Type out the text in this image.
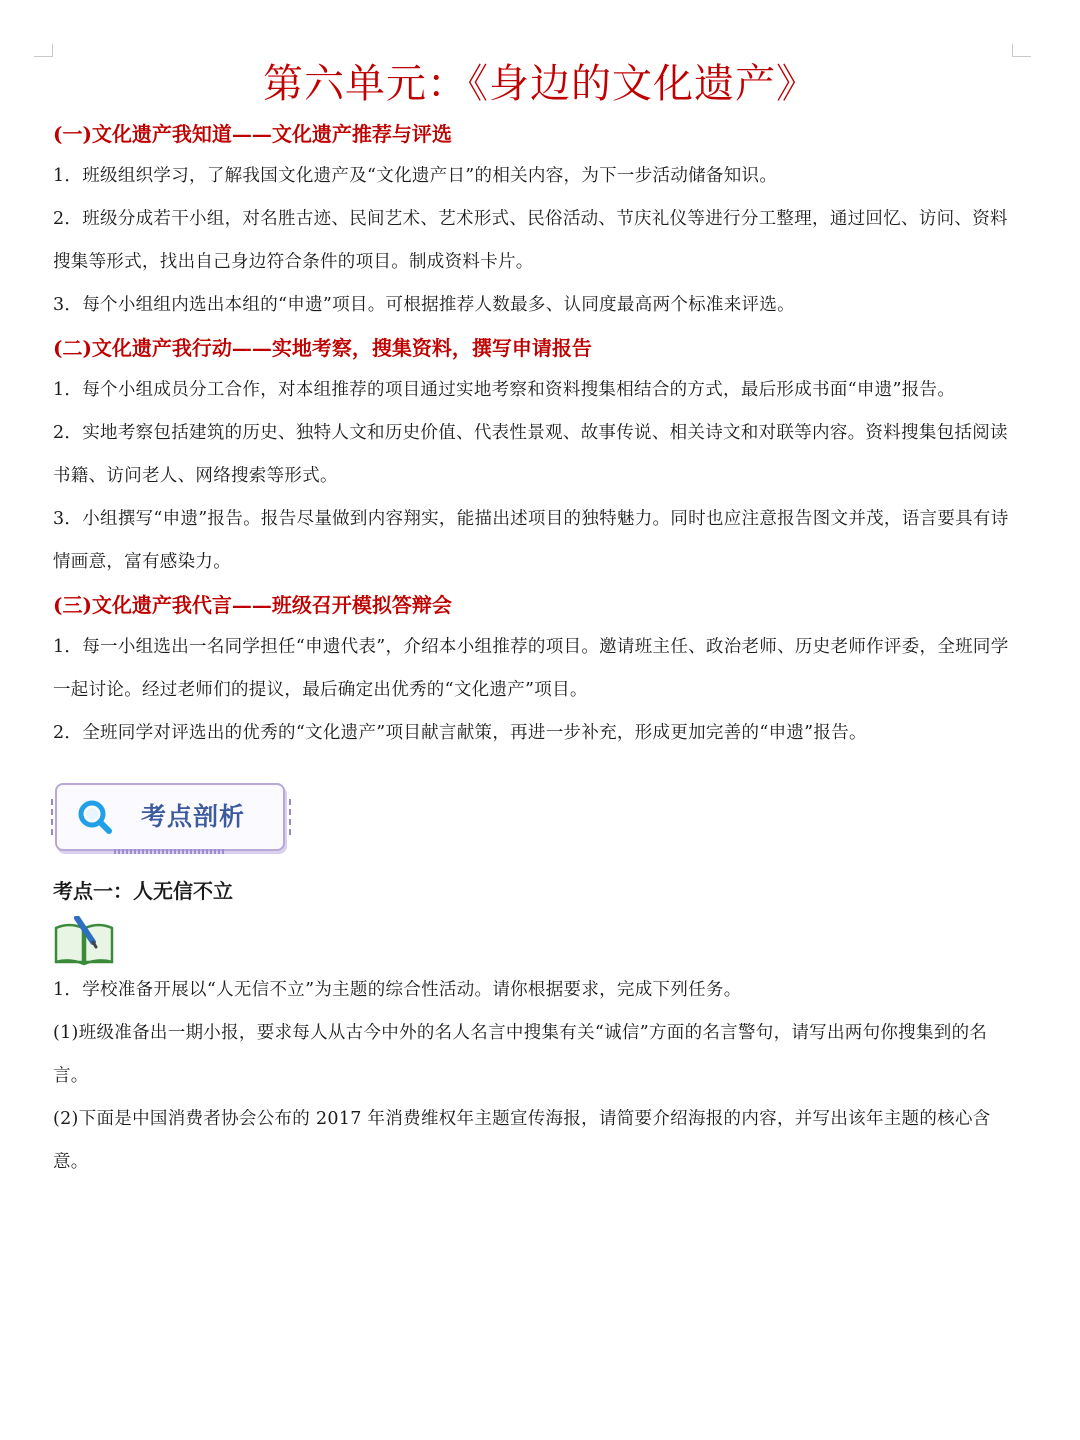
第六单元：《身边的文化遗产》
(一)文化遗产我知道——文化遗产推荐与评选
1．班级组织学习，了解我国文化遗产及“文化遗产日”的相关内容，为下一步活动储备知识。
2．班级分成若干小组，对名胜古迹、民间艺术、艺术形式、民俗活动、节庆礼仪等进行分工整理，通过回忆、访问、资料搜集等形式，找出自己身边符合条件的项目。制成资料卡片。
3．每个小组组内选出本组的“申遗”项目。可根据推荐人数最多、认同度最高两个标准来评选。
(二)文化遗产我行动——实地考察，搜集资料，撰写申请报告
1．每个小组成员分工合作，对本组推荐的项目通过实地考察和资料搜集相结合的方式，最后形成书面“申遗”报告。
2．实地考察包括建筑的历史、独特人文和历史价值、代表性景观、故事传说、相关诗文和对联等内容。资料搜集包括阅读书籍、访问老人、网络搜索等形式。
3．小组撰写“申遗”报告。报告尽量做到内容翔实，能描出述项目的独特魅力。同时也应注意报告图文并茂，语言要具有诗情画意，富有感染力。
(三)文化遗产我代言——班级召开模拟答辩会
1．每一小组选出一名同学担任“申遗代表”，介绍本小组推荐的项目。邀请班主任、政治老师、历史老师作评委，全班同学一起讨论。经过老师们的提议，最后确定出优秀的“文化遗产”项目。
2．全班同学对评选出的优秀的“文化遗产”项目献言献策，再进一步补充，形成更加完善的“申遗”报告。
考点剖析
考点一：人无信不立
1．学校准备开展以“人无信不立”为主题的综合性活动。请你根据要求，完成下列任务。
(1)班级准备出一期小报，要求每人从古今中外的名人名言中搜集有关“诚信”方面的名言警句，请写出两句你搜集到的名言。
(2)下面是中国消费者协会公布的 2017 年消费维权年主题宣传海报，请简要介绍海报的内容，并写出该年主题的核心含意。
